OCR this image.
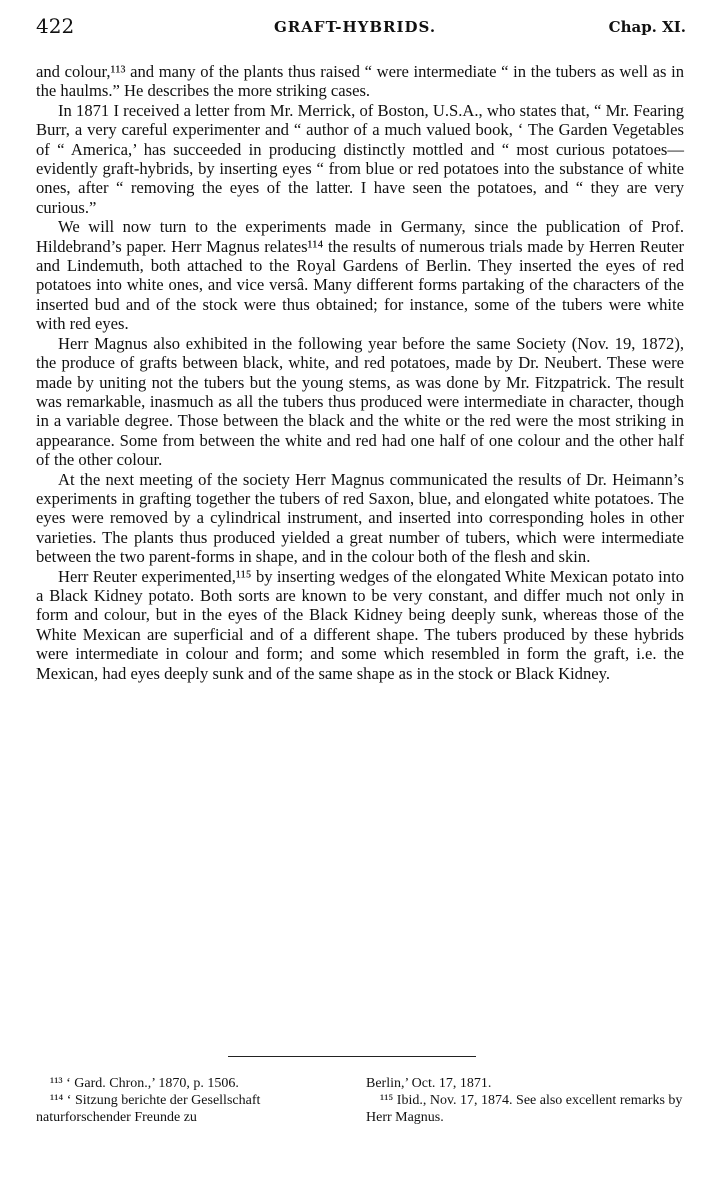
422	GRAFT-HYBRIDS.	Chap. XI.

and colour,¹¹³ and many of the plants thus raised “ were intermediate “ in the tubers as well as in the haulms.” He describes the more striking cases.

In 1871 I received a letter from Mr. Merrick, of Boston, U.S.A., who states that, “ Mr. Fearing Burr, a very careful experimenter and “ author of a much valued book, ‘ The Garden Vegetables of “ America,’ has succeeded in producing distinctly mottled and “ most curious potatoes—evidently graft-hybrids, by inserting eyes “ from blue or red potatoes into the substance of white ones, after “ removing the eyes of the latter. I have seen the potatoes, and “ they are very curious.”

We will now turn to the experiments made in Germany, since the publication of Prof. Hildebrand’s paper. Herr Magnus relates¹¹⁴ the results of numerous trials made by Herren Reuter and Lindemuth, both attached to the Royal Gardens of Berlin. They inserted the eyes of red potatoes into white ones, and vice versâ. Many different forms partaking of the characters of the inserted bud and of the stock were thus obtained; for instance, some of the tubers were white with red eyes.

Herr Magnus also exhibited in the following year before the same Society (Nov. 19, 1872), the produce of grafts between black, white, and red potatoes, made by Dr. Neubert. These were made by uniting not the tubers but the young stems, as was done by Mr. Fitzpatrick. The result was remarkable, inasmuch as all the tubers thus produced were intermediate in character, though in a variable degree. Those between the black and the white or the red were the most striking in appearance. Some from between the white and red had one half of one colour and the other half of the other colour.

At the next meeting of the society Herr Magnus communicated the results of Dr. Heimann’s experiments in grafting together the tubers of red Saxon, blue, and elongated white potatoes. The eyes were removed by a cylindrical instrument, and inserted into corresponding holes in other varieties. The plants thus produced yielded a great number of tubers, which were intermediate between the two parent-forms in shape, and in the colour both of the flesh and skin.

Herr Reuter experimented,¹¹⁵ by inserting wedges of the elongated White Mexican potato into a Black Kidney potato. Both sorts are known to be very constant, and differ much not only in form and colour, but in the eyes of the Black Kidney being deeply sunk, whereas those of the White Mexican are superficial and of a different shape. The tubers produced by these hybrids were intermediate in colour and form; and some which resembled in form the graft, i.e. the Mexican, had eyes deeply sunk and of the same shape as in the stock or Black Kidney.

¹¹³ ‘ Gard. Chron.,’ 1870, p. 1506.

¹¹⁴ ‘ Sitzung berichte der Gesellschaft naturforschender Freunde zu

Berlin,’ Oct. 17, 1871.

¹¹⁵ Ibid., Nov. 17, 1874. See also excellent remarks by Herr Magnus.
